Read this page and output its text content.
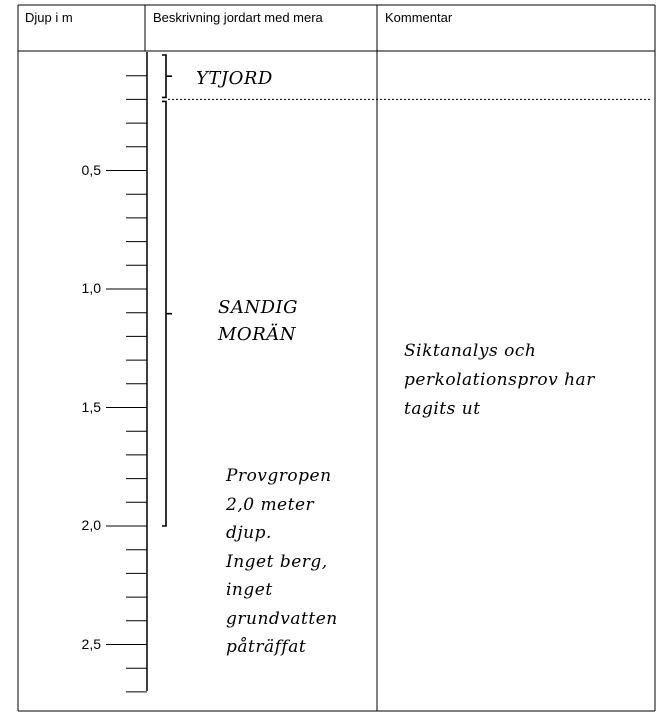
Djup i m	Beskrivning jordart med mera	Kommentar
0,5
1,0
1,5
2,0
2,5
YTJORD
SANDIG
MORÄN
Provgropen
2,0 meter
djup.
Inget berg,
inget
grundvatten
påträffat
Siktanalys och
perkolationsprov har
tagits ut
